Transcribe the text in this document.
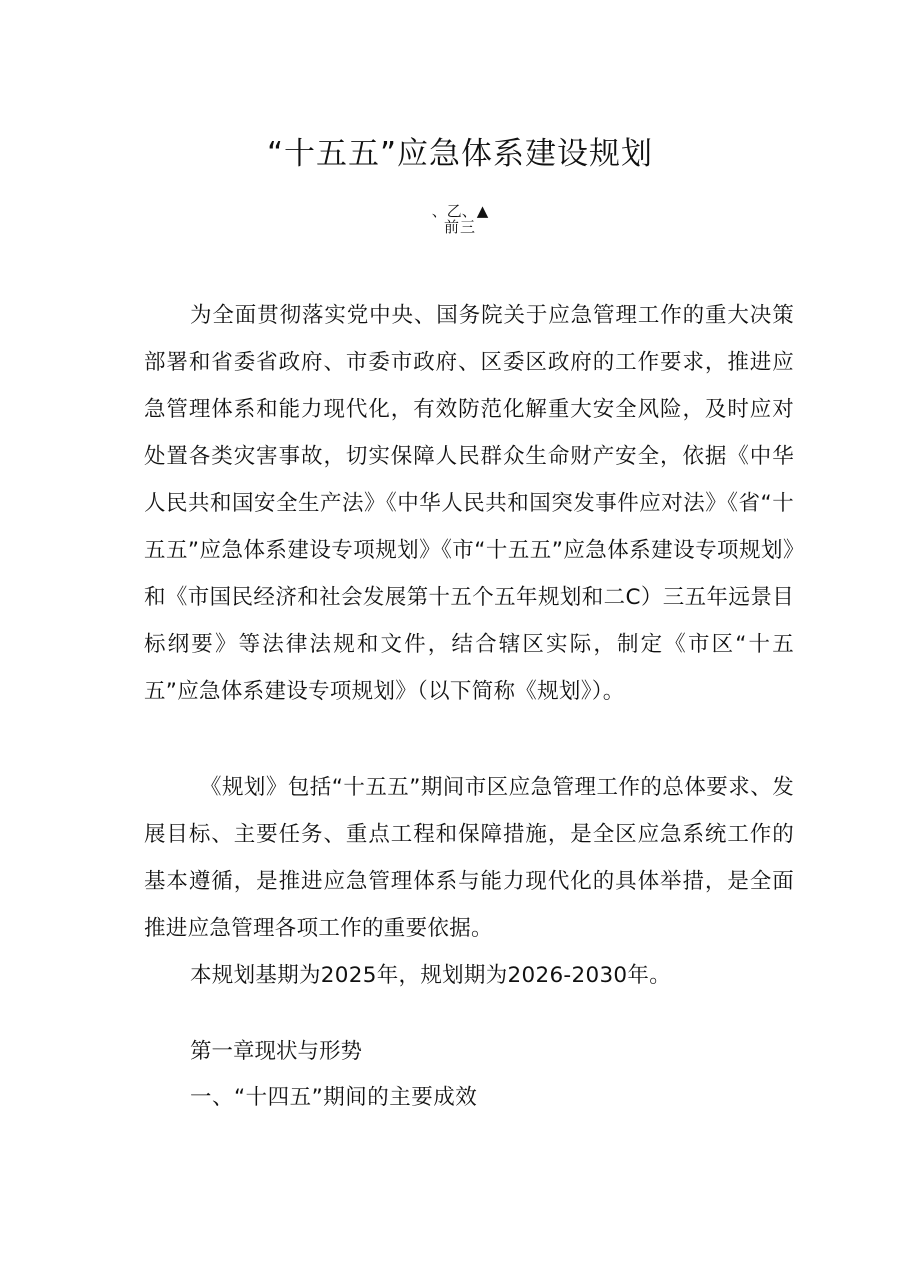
“十五五”应急体系建设规划
、乙、▲
前三
为全面贯彻落实党中央、国务院关于应急管理工作的重大决策部署和省委省政府、市委市政府、区委区政府的工作要求，推进应急管理体系和能力现代化，有效防范化解重大安全风险，及时应对处置各类灾害事故，切实保障人民群众生命财产安全，依据《中华人民共和国安全生产法》《中华人民共和国突发事件应对法》《省“十五五”应急体系建设专项规划》《市“十五五”应急体系建设专项规划》和《市国民经济和社会发展第十五个五年规划和二C）三五年远景目标纲要》等法律法规和文件，结合辖区实际，制定《市区“十五五”应急体系建设专项规划》（以下简称《规划》）。
《规划》包括“十五五”期间市区应急管理工作的总体要求、发展目标、主要任务、重点工程和保障措施，是全区应急系统工作的基本遵循，是推进应急管理体系与能力现代化的具体举措，是全面推进应急管理各项工作的重要依据。
本规划基期为2025年，规划期为2026-2030年。
第一章现状与形势
一、“十四五”期间的主要成效
